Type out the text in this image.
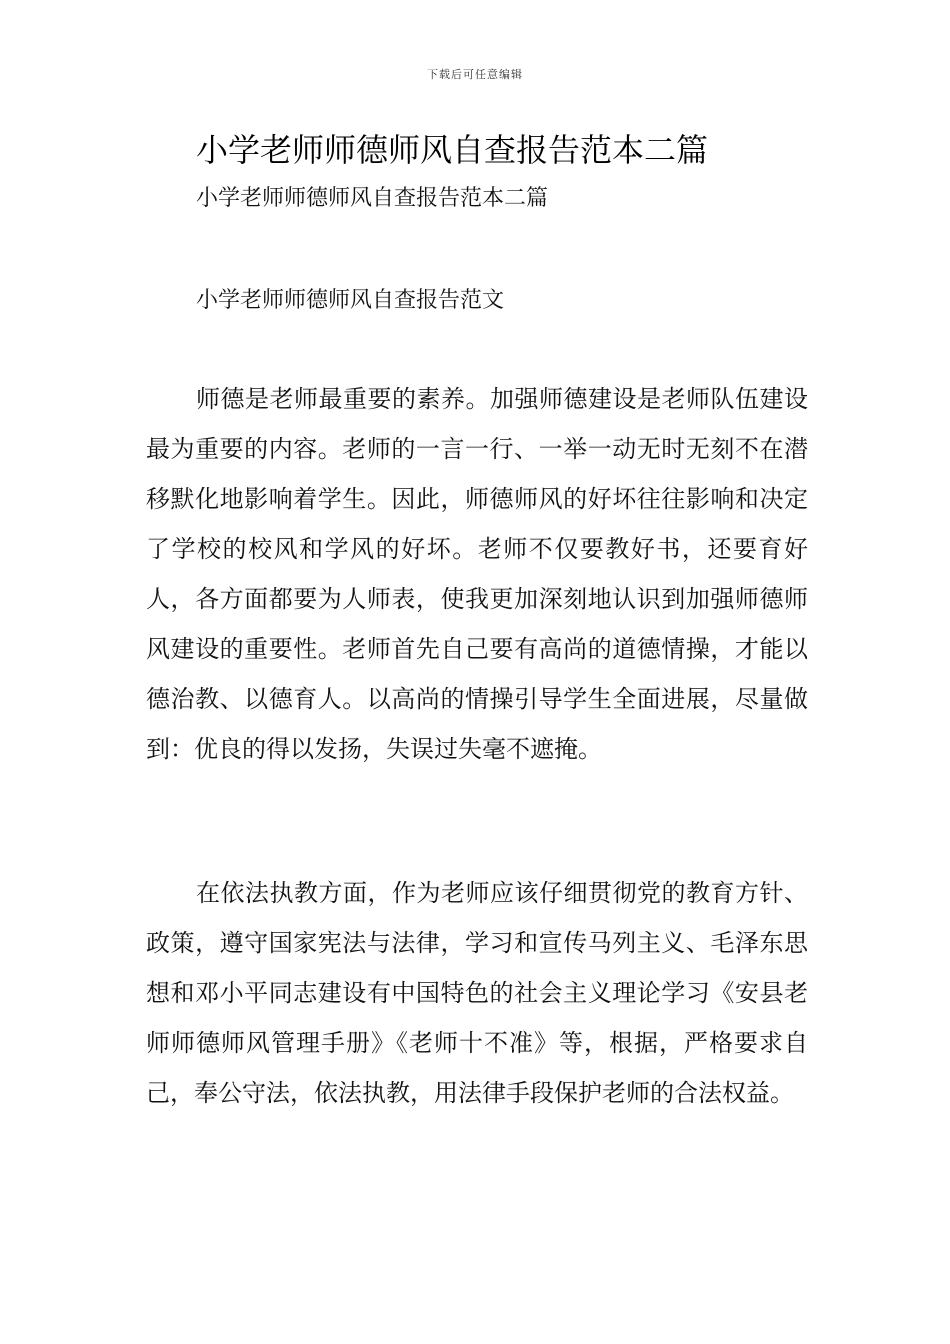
下载后可任意编辑
小学老师师德师风自查报告范本二篇
小学老师师德师风自查报告范本二篇
小学老师师德师风自查报告范文

师德是老师最重要的素养。加强师德建设是老师队伍建设最为重要的内容。老师的一言一行、一举一动无时无刻不在潜移默化地影响着学生。因此，师德师风的好坏往往影响和决定了学校的校风和学风的好坏。老师不仅要教好书，还要育好人，各方面都要为人师表，使我更加深刻地认识到加强师德师风建设的重要性。老师首先自己要有高尚的道德情操，才能以德治教、以德育人。以高尚的情操引导学生全面进展，尽量做到：优良的得以发扬，失误过失毫不遮掩。

在依法执教方面，作为老师应该仔细贯彻党的教育方针、政策，遵守国家宪法与法律，学习和宣传马列主义、毛泽东思想和邓小平同志建设有中国特色的社会主义理论学习《安县老师师德师风管理手册》《老师十不准》等，根据，严格要求自己，奉公守法，依法执教，用法律手段保护老师的合法权益。
